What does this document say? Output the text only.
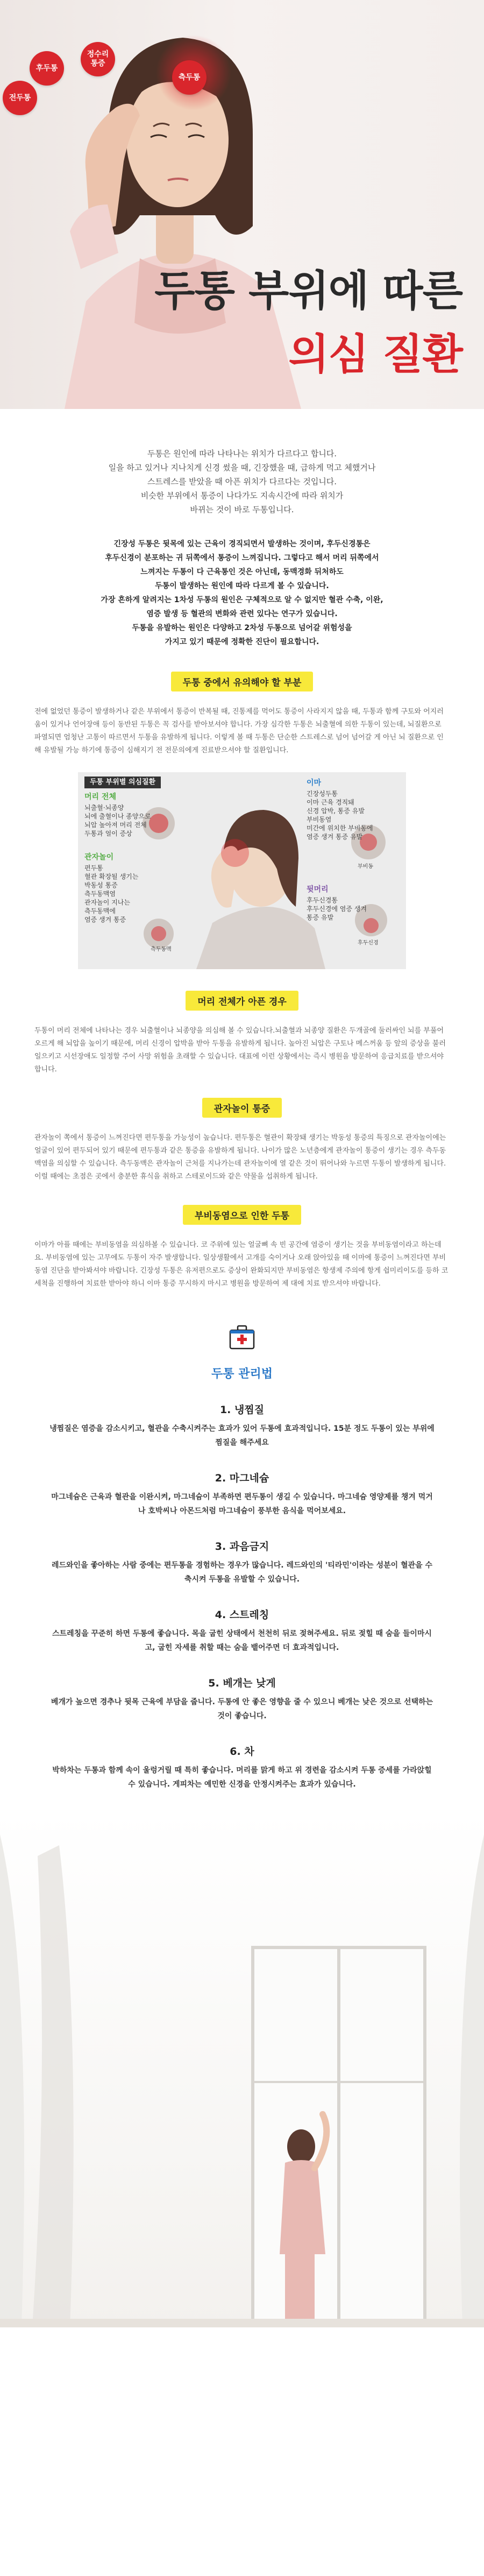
후두통
정수리
통증
측두통
전두통
두통 부위에 따른
의심 질환

두통은 원인에 따라 나타나는 위치가 다르다고 합니다.

일을 하고 있거나 지나치게 신경 썼을 때, 긴장했을 때, 급하게 먹고 체했거나

스트레스를 받았을 때 아픈 위치가 다르다는 것입니다.

비슷한 부위에서 통증이 나다가도 지속시간에 따라 위치가

바뀌는 것이 바로 두통입니다.

긴장성 두통은 뒷목에 있는 근육이 경직되면서 발생하는 것이며, 후두신경통은

후두신경이 분포하는 귀 뒤쪽에서 통증이 느껴집니다. 그렇다고 해서 머리 뒤쪽에서

느껴지는 두통이 다 근육통인 것은 아닌데, 동맥경화 뒤처하도

두통이 발생하는 원인에 따라 다르게 볼 수 있습니다.

가장 흔하게 알려지는 1차성 두통의 원인은 구체적으로 알 수 없지만 혈관 수축, 이완,

염증 발생 등 혈관의 변화와 관련 있다는 연구가 있습니다.

두통을 유발하는 원인은 다양하고 2차성 두통으로 넘어갈 위험성을

가지고 있기 때문에 정확한 진단이 필요합니다.

두통 중에서 유의해야 할 부분

전에 없었던 통증이 발생하거나 같은 부위에서 통증이 반복될 때, 진통제를 먹어도 통증이 사라지지 않을 때, 두통과 함께 구토와 어지러움이 있거나 언어장애 등이 동반된 두통은 꼭 검사를 받아보셔야 합니다. 가장 심각한 두통은 뇌출혈에 의한 두통이 있는데, 뇌질환으로 파열되면 엄청난 고통이 따르면서 두통을 유발하게 됩니다. 이렇게 볼 때 두통은 단순한 스트레스로 넘어 넘어갈 게 아닌 뇌 질환으로 인해 유발될 가능 하기에 통증이 심해지기 전 전문의에게 진료받으셔야 할 질환입니다.

두통 부위별 의심질환
머리 전체
뇌출혈·뇌종양
뇌에 출혈이나 종양으로
뇌압 높아져 머리 전체
두통과 얼이 증상
관자놀이
편두통
혈관 확장될 생기는
박동성 통증
측두동맥염
관자놀이 지나는
측두동맥에
염증 생겨 통증
이마
긴장성두통
이마 근육 경직돼
신경 압박, 통증 유발
부비동염
미간에 위치한 부비동에
염증 생겨 통증 유발
뒷머리
후두신경통
후두신경에 염증 생겨
통증 유발
측두동맥
부비동
후두신경
머리 전체가 아픈 경우

두통이 머리 전체에 나타나는 경우 뇌출혈이나 뇌종양을 의심해 볼 수 있습니다.뇌출혈과 뇌종양 질환은 두개골에 둘러싸인 뇌를 부풀어 오르게 해 뇌압을 높이기 때문에, 머리 신경이 압박을 받아 두통을 유발하게 됩니다. 높아진 뇌압은 구토나 메스꺼움 등 앞의 증상을 불러일으키고 시선장애도 일정할 주어 사망 위험을 초래할 수 있습니다. 대표에 이런 상황에서는 즉시 병원을 방문하여 응급치료를 받으셔야 합니다.

관자놀이 통증

관자놀이 쪽에서 통증이 느껴진다면 편두통을 가능성이 높습니다. 편두통은 혈관이 확장돼 생기는 박동성 통증의 특징으로 관자놀이에는 얼굴이 있어 편두되어 있기 때문에 편두통과 같은 통증을 유발하게 됩니다. 나이가 많은 노년층에게 관자놀이 통증이 생기는 경우 측두동맥염을 의심할 수 있습니다. 측두동맥은 관자놀이 근처를 지나가는데 관자놀이에 열 같은 것이 뛰어나와 누르면 두통이 발생하게 됩니다. 이럴 때에는 초점은 곳에서 충분한 휴식을 취하고 스테로이드와 같은 약물을 섭취하게 됩니다.

부비동염으로 인한 두통

이마가 아플 때에는 부비동염을 의심하볼 수 있습니다. 코 주위에 있는 얼굴뼈 속 빈 공간에 염증이 생기는 것을 부비동염이라고 하는데요. 부비동염에 있는 고무에도 두통이 자주 발생합니다. 일상생활에서 고개를 숙이거나 오래 앉아있을 때 이마에 통증이 느껴진다면 부비동염 진단을 받아봐셔야 바랍니다. 긴장성 두통은 유저편으로도 증상이 완화되지만 부비동염은 항생제 주의에 항게 쉽미리이도를 등하 코 세척을 진행하여 치료한 받아야 하니 이마 통증 무시하지 마시고 병원을 방문하여 제 대에 치료 받으셔야 바랍니다.

두통 관리법
1. 냉찜질

냉찜질은 염증을 감소시키고, 혈관을 수축시켜주는 효과가 있어 두통에 효과적입니다. 15분 정도 두통이 있는 부위에 찜질을 해주세요

2. 마그네슘

마그네슘은 근육과 혈관을 이완시켜, 마그네슘이 부족하면 편두통이 생길 수 있습니다. 마그네슘 영양제를 챙겨 먹거나 호박씨나 아몬드처럼 마그네슘이 풍부한 음식을 먹어보세요.

3. 과음금지

레드와인을 좋아하는 사람 중에는 편두통을 경험하는 경우가 많습니다. 레드와인의 '티라민'이라는 성분이 혈관을 수축시켜 두통을 유발할 수 있습니다.

4. 스트레칭

스트레칭을 꾸준히 하면 두통에 좋습니다. 목을 굽힌 상태에서 천천히 뒤로 젖혀주세요. 뒤로 젖힐 때 숨을 들이마시고, 굽힌 자세를 취할 때는 숨을 뱉어주면 더 효과적입니다.

5. 베개는 낮게

베개가 높으면 경추나 뒷목 근육에 부담을 줍니다. 두통에 안 좋은 영향을 줄 수 있으니 베개는 낮은 것으로 선택하는 것이 좋습니다.

6. 차

박하차는 두통과 함께 속이 울렁거릴 때 특히 좋습니다. 머리를 맑게 하고 위 경련을 감소시켜 두통 증세를 가라앉힐 수 있습니다. 게피차는 예민한 신경을 안정시켜주는 효과가 있습니다.
